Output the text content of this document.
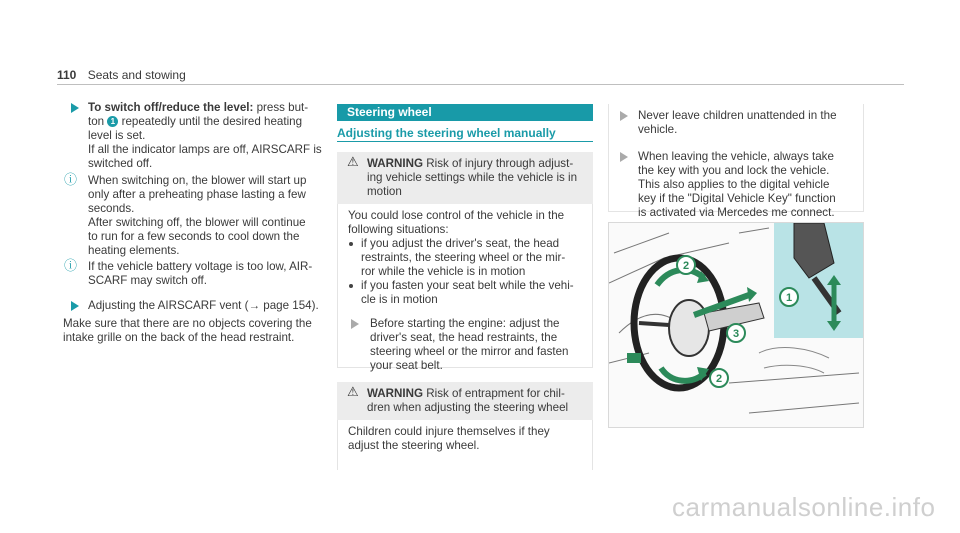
110 Seats and stowing

To switch off/reduce the level: press but-

ton 1 repeatedly until the desired heating

level is set.

If all the indicator lamps are off, AIRSCARF is

switched off.

ⓘ When switching on, the blower will start up

only after a preheating phase lasting a few

seconds.

After switching off, the blower will continue

to run for a few seconds to cool down the

heating elements.

ⓘ If the vehicle battery voltage is too low, AIR-

SCARF may switch off.

Adjusting the AIRSCARF vent (→ page 154).

Make sure that there are no objects covering the

intake grille on the back of the head restraint.

Steering wheel
Adjusting the steering wheel manually
⚠ WARNING Risk of injury through adjust-

ing vehicle settings while the vehicle is in

motion

You could lose control of the vehicle in the

following situations:

if you adjust the driver's seat, the head

restraints, the steering wheel or the mir-

ror while the vehicle is in motion

if you fasten your seat belt while the vehi-

cle is in motion

Before starting the engine: adjust the

driver's seat, the head restraints, the

steering wheel or the mirror and fasten

your seat belt.

⚠ WARNING Risk of entrapment for chil-

dren when adjusting the steering wheel

Children could injure themselves if they

adjust the steering wheel.

Never leave children unattended in the

vehicle.

When leaving the vehicle, always take

the key with you and lock the vehicle.

This also applies to the digital vehicle

key if the "Digital Vehicle Key" function

is activated via Mercedes me connect.

1
2
3
2
carmanualsonline.info
